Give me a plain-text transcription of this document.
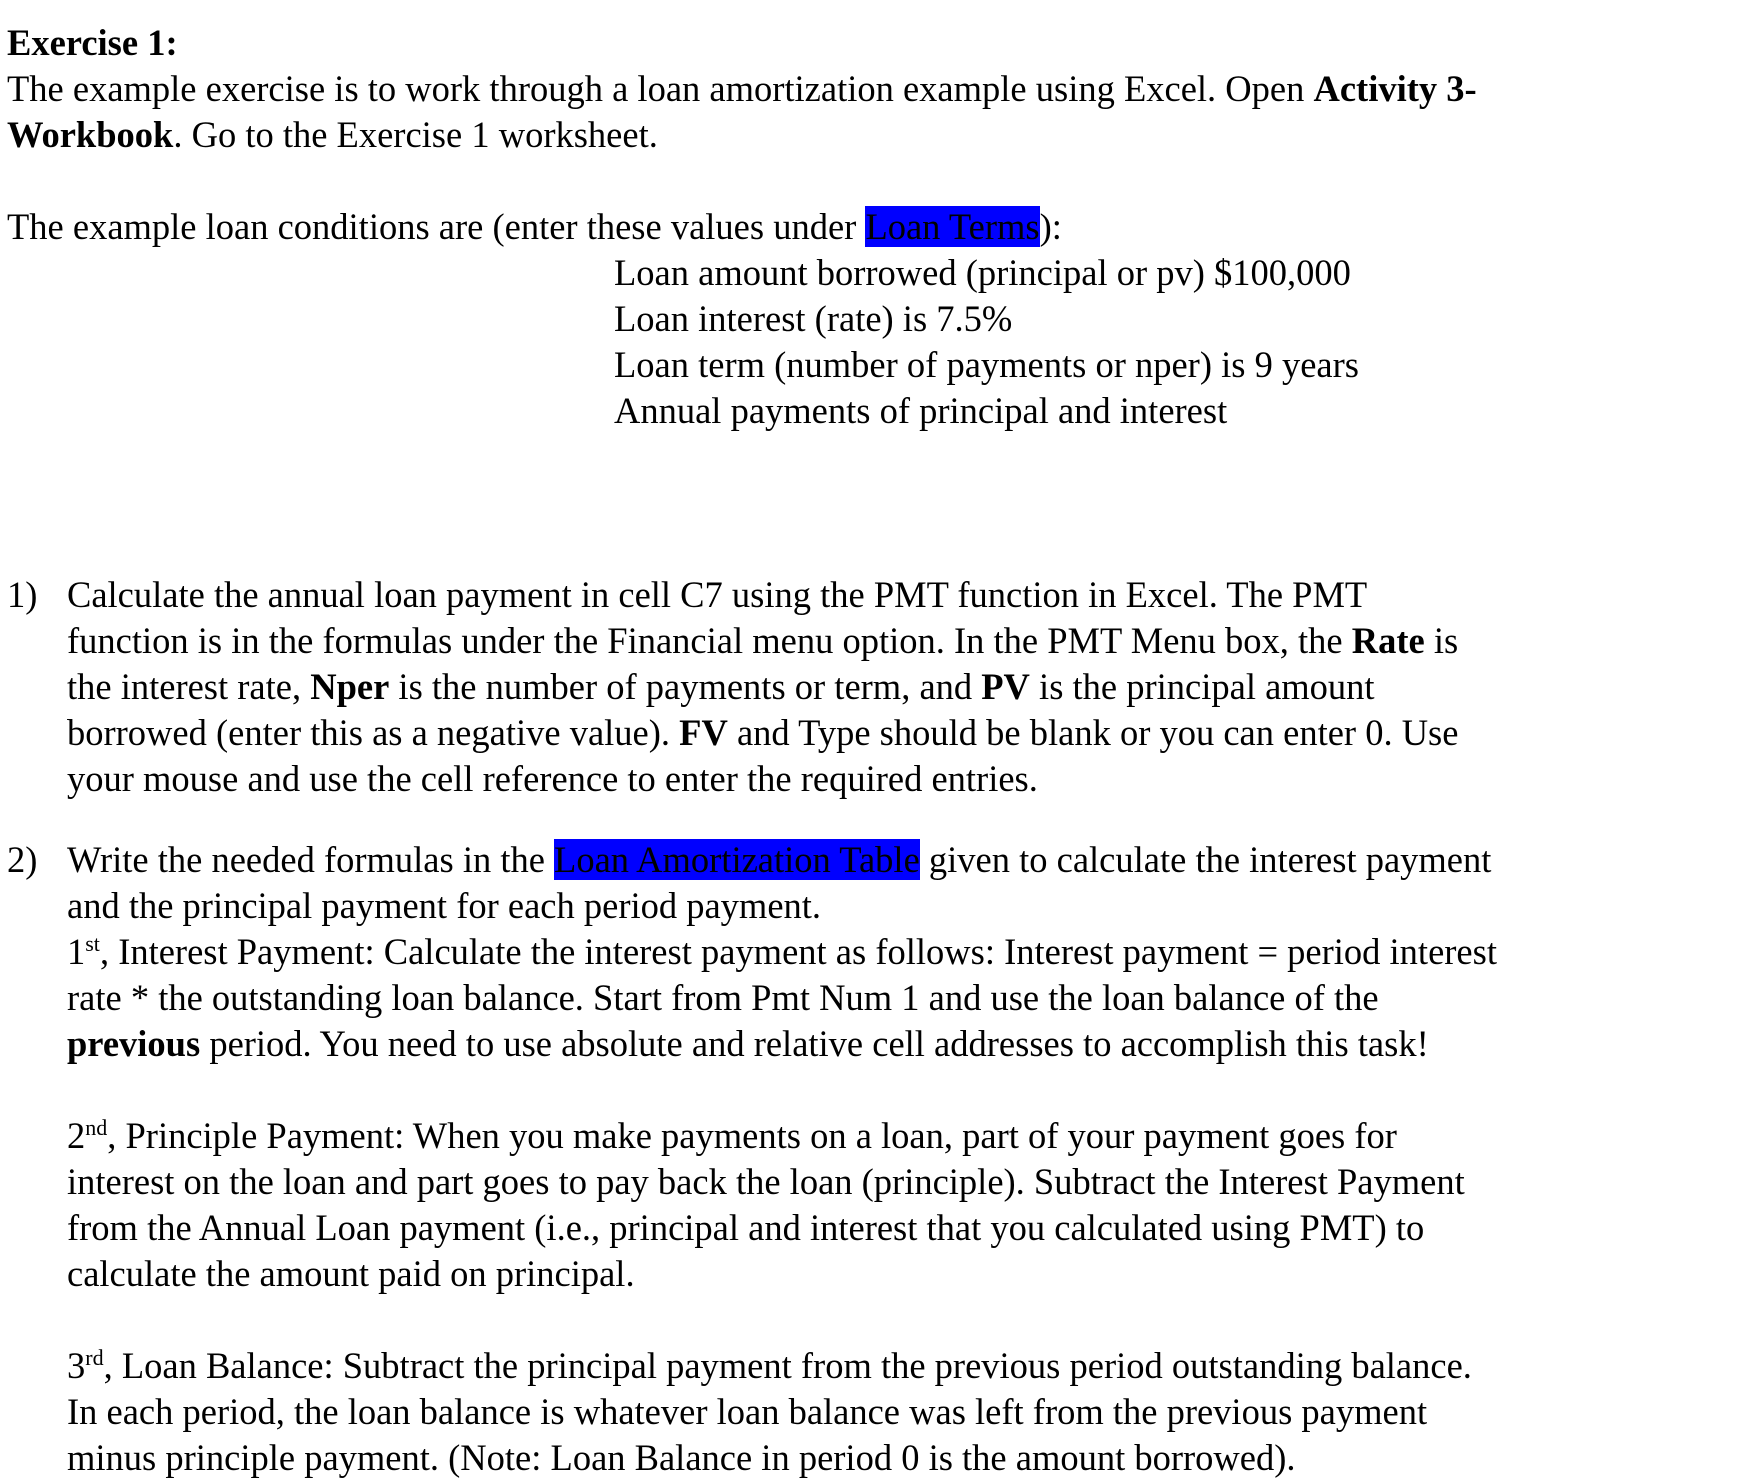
Exercise 1:
The example exercise is to work through a loan amortization example using Excel. Open Activity 3-
Workbook. Go to the Exercise 1 worksheet.
The example loan conditions are (enter these values under Loan Terms):
Loan amount borrowed (principal or pv) $100,000
Loan interest (rate) is 7.5%
Loan term (number of payments or nper) is 9 years
Annual payments of principal and interest
1) Calculate the annual loan payment in cell C7 using the PMT function in Excel. The PMT
function is in the formulas under the Financial menu option. In the PMT Menu box, the Rate is
the interest rate, Nper is the number of payments or term, and PV is the principal amount
borrowed (enter this as a negative value). FV and Type should be blank or you can enter 0. Use
your mouse and use the cell reference to enter the required entries.
2) Write the needed formulas in the Loan Amortization Table given to calculate the interest payment
and the principal payment for each period payment.
1st, Interest Payment: Calculate the interest payment as follows: Interest payment = period interest
rate * the outstanding loan balance. Start from Pmt Num 1 and use the loan balance of the
previous period. You need to use absolute and relative cell addresses to accomplish this task!
2nd, Principle Payment: When you make payments on a loan, part of your payment goes for
interest on the loan and part goes to pay back the loan (principle). Subtract the Interest Payment
from the Annual Loan payment (i.e., principal and interest that you calculated using PMT) to
calculate the amount paid on principal.
3rd, Loan Balance: Subtract the principal payment from the previous period outstanding balance.
In each period, the loan balance is whatever loan balance was left from the previous payment
minus principle payment. (Note: Loan Balance in period 0 is the amount borrowed).
